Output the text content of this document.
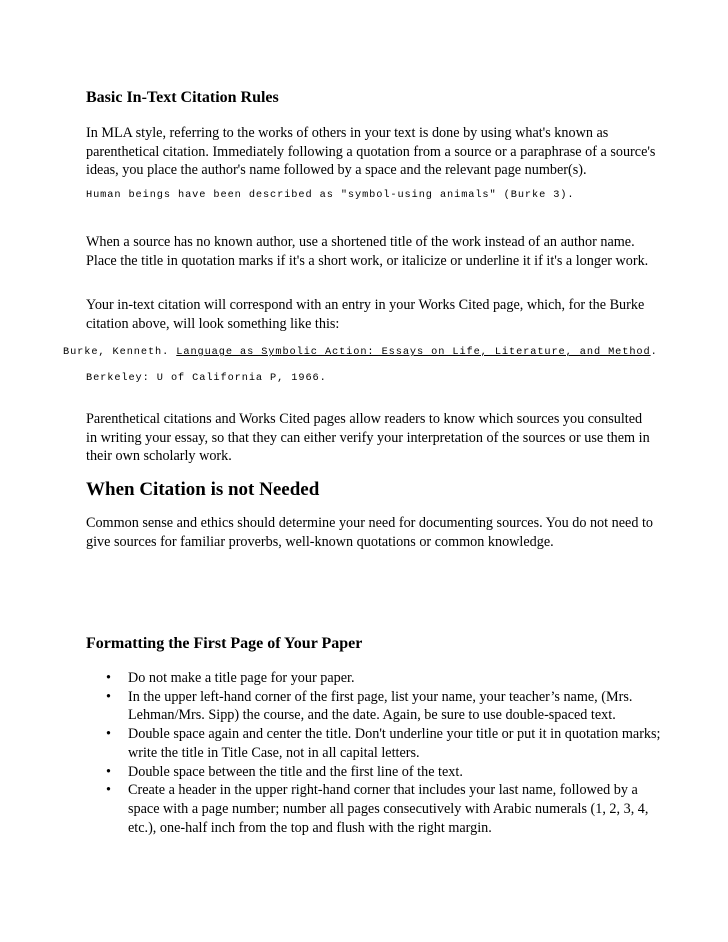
Basic In-Text Citation Rules

In MLA style, referring to the works of others in your text is done by using what's known as parenthetical citation. Immediately following a quotation from a source or a paraphrase of a source's ideas, you place the author's name followed by a space and the relevant page number(s).

Human beings have been described as "symbol-using animals" (Burke 3).

When a source has no known author, use a shortened title of the work instead of an author name. Place the title in quotation marks if it's a short work, or italicize or underline it if it's a longer work.

Your in-text citation will correspond with an entry in your Works Cited page, which, for the Burke citation above, will look something like this:

Burke, Kenneth. Language as Symbolic Action: Essays on Life, Literature, and Method.

Berkeley: U of California P, 1966.

Parenthetical citations and Works Cited pages allow readers to know which sources you consulted in writing your essay, so that they can either verify your interpretation of the sources or use them in their own scholarly work.

When Citation is not Needed

Common sense and ethics should determine your need for documenting sources. You do not need to give sources for familiar proverbs, well-known quotations or common knowledge.

Formatting the First Page of Your Paper
• Do not make a title page for your paper.
• In the upper left-hand corner of the first page, list your name, your teacher’s name, (Mrs. Lehman/Mrs. Sipp) the course, and the date. Again, be sure to use double-spaced text.
• Double space again and center the title. Don't underline your title or put it in quotation marks; write the title in Title Case, not in all capital letters.
• Double space between the title and the first line of the text.
• Create a header in the upper right-hand corner that includes your last name, followed by a space with a page number; number all pages consecutively with Arabic numerals (1, 2, 3, 4, etc.), one-half inch from the top and flush with the right margin.
